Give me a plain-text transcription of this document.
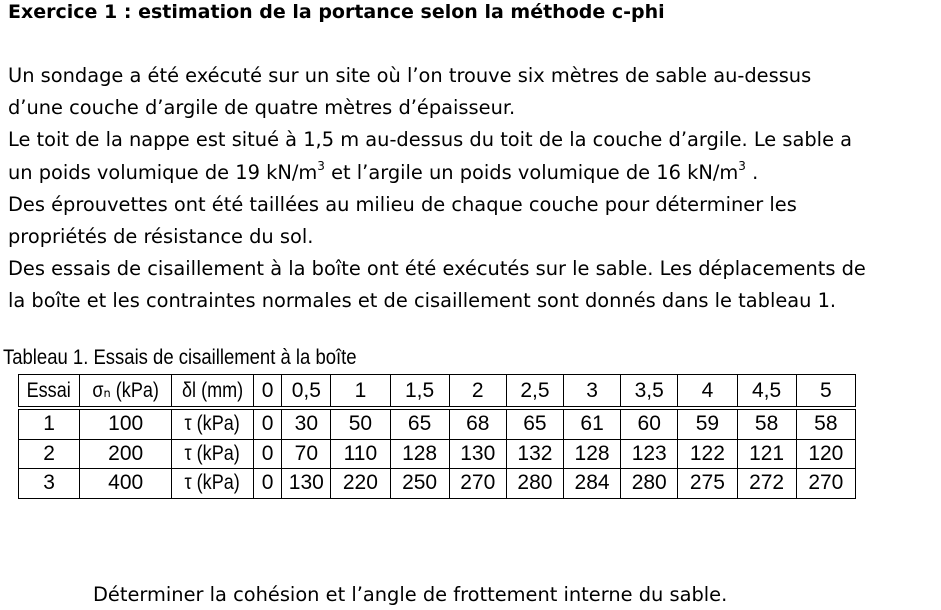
Exercice 1 : estimation de la portance selon la méthode c-phi
Un sondage a été exécuté sur un site où l’on trouve six mètres de sable au-dessus
d’une couche d’argile de quatre mètres d’épaisseur.
Le toit de la nappe est situé à 1,5 m au-dessus du toit de la couche d’argile. Le sable a
un poids volumique de 19 $kN/m^3$ et l’argile un poids volumique de 16 $kN/m^3$ .
Des éprouvettes ont été taillées au milieu de chaque couche pour déterminer les
propriétés de résistance du sol.
Des essais de cisaillement à la boîte ont été exécutés sur le sable. Les déplacements de
la boîte et les contraintes normales et de cisaillement sont donnés dans le tableau 1.
Tableau 1. Essais de cisaillement à la boîte
Essai	σₙ (kPa)	δl (mm)	0	0,5	1	1,5	2	2,5	3	3,5	4	4,5	5
1	100	τ (kPa)	0	30	50	65	68	65	61	60	59	58	58
2	200	τ (kPa)	0	70	110	128	130	132	128	123	122	121	120
3	400	τ (kPa)	0	130	220	250	270	280	284	280	275	272	270
Déterminer la cohésion et l’angle de frottement interne du sable.
